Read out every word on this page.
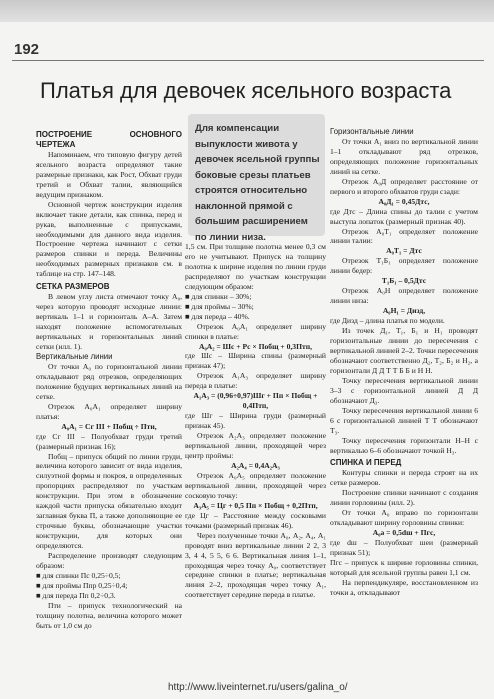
192
Платья для девочек ясельного возраста
Для компенсации выпуклости живота у девочек ясельной группы боковые срезы платьев строятся относительно наклонной прямой с большим расширением по линии низа.

ПОСТРОЕНИЕ ОСНОВНОГО ЧЕРТЕЖА

Напоминаем, что типовую фигуру детей ясельного возраста определяют такие размерные признаки, как Рост, Обхват груди третий и Обхват талии, являющийся ведущим признаком.

Основной чертеж конструкции изделия включает такие детали, как спинка, перед и рукав, выполненные с припусками, необходимыми для данного вида изделия. Построение чертежа начинают с сетки размеров спинки и переда. Величины необходимых размерных признаков см. в таблице на стр. 147–148.

СЕТКА РАЗМЕРОВ

В левом углу листа отмечают точку А₀, через которую проводят исходные линии: вертикаль 1–1 и горизонталь А–А. Затем находят положение вспомогательных вертикальных и горизонтальных линий сетки (илл. 1).

Вертикальные линии

От точки А₀ по горизонтальной линии откладывают ряд отрезков, определяющих положение будущих вертикальных линий на сетке.

Отрезок А₀А₁ определяет ширину платья:

А₀А₁ = Сг III + Побщ ÷ Пти,

где Сг III – Полуобхват груди третий (размерный признак 16);

Побщ – припуск общий по линии груди, величина которого зависит от вида изделия, силуэтной формы и покроя, в определенных пропорциях распределяют по участкам конструкции. При этом в обозначение каждой части припуска обязательно входит заглавная буква П, а также дополняющие ее строчные буквы, обозначающие участки конструкции, для которых они определяются.

Распределение производят следующим образом:

■ для спинки Пс 0,25÷0,5;

■ для проймы Ппр 0,25÷0,4;

■ для переда Пп 0,2÷0,3.

Пти – припуск технологический на толщину полотна, величина которого может быть от 1,0 см до

1,5 см. При толщине полотна менее 0,3 см его не учитывают. Припуск на толщину полотна к ширине изделия по линии груди распределяют по участкам конструкции следующим образом:

■ для спинки – 30%;

■ для проймы – 30%;

■ для переда – 40%.

Отрезок А₀А₁ определяет ширину спинки в платье:

А₀А₂ = Шс + Рс × Побщ + 0,3Птп,

где Шс – Ширина спины (размерный признак 47);

Отрезок А₁А₃ определяет ширину переда в платье:

А₁А₃ = (0,96÷0,97)Шг + Пп × Побщ + 0,4Птп,

где Шг – Ширина груди (размерный признак 45).

Отрезок А₂А₃ определяет положение вертикальной линии, проходящей через центр проймы:

А₂А₄ = 0,4А₂А₃

Отрезок А₀А₅ определяет положение вертикальной линии, проходящей через сосковую точку:

А₃А₅ = Цг + 0,5 Пп × Побщ + 0,2Птп,

где Цг – Расстояние между сосковыми точками (размерный признак 46).

Через полученные точки А₀, А₂, А₄, А₁ проводят вниз вертикальные линии 2 2, 3 3, 4 4, 5 5, 6 6. Вертикальная линия 1–1, проходящая через точку А₀, соответствует середине спинки в платье; вертикальная линия 2–2, проходящая через точку А₁, соответствует середине переда в платье.

Горизонтальные линии

От точки А₁ вниз по вертикальной линии 1–1 откладывают ряд отрезков, определяющих положение горизонтальных линий на сетке.

Отрезок А₀Д определяет расстояние от первого и второго обхватов груди сзади:

А₀Д₁ = 0,45Дтс,

где Дтс – Длина спины до талии с учетом выступа лопаток (размерный признак 40).

Отрезок А₀Т₁ определяет положение линии талии:

А₀Т₁ = Дтс

Отрезок Т₁Б₁ определяет положение линии бедер:

Т₁Б₁ – 0,5Дтс

Отрезок А₀Н определяет положение линии низа:

А₀Н₁ = Дизд,

где Дизд – длина платья по модели.

Из точек Д₁, Т₁, Б₁ и Н₁ проводят горизонтальные линии до пересечения с вертикальной линией 2–2. Точки пересечения обозначают соответственно Д₂, Т₂, Б₂ и Н₂, а горизонтали Д Д Т Т Б Б и Н Н.

Точку пересечения вертикальной линии 3–3 с горизонтальной линией Д Д обозначают Д₃.

Точку пересечения вертикальной линии 6 6 с горизонтальной линией Т Т обозначают Т₃.

Точку пересечения горизонтали Н–Н с вертикалью 6–6 обозначают точкой Н₃.

СПИНКА И ПЕРЕД

Контуры спинки и переда строят на их сетке размеров.

Построение спинки начинают с создания линии горловины (илл. 2).

От точки А₀ вправо по горизонтали откладывают ширину горловины спинки:

А₀а = 0,5dш + Пгс,

где dш – Полуобхват шеи (размерный признак 51);

Пгс – припуск к ширине горловины спинки, который для ясельной группы равен 1,1 см.

На перпендикуляре, восстановленном из точки а, откладывают

http://www.liveinternet.ru/users/galina_o/
